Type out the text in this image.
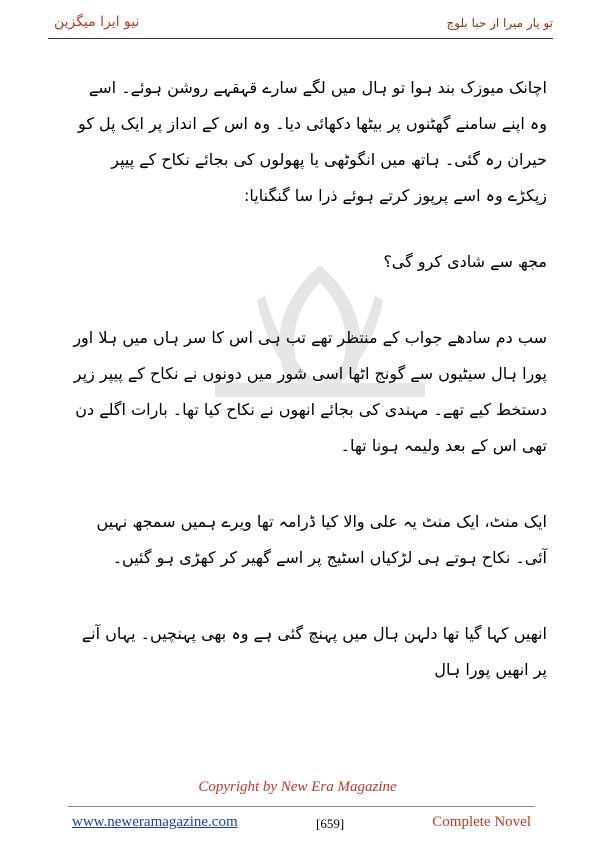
نیو ایرا میگزین	تو یار میرا از حبا بلوچ

اچانک میوزک بند ہوا تو ہال میں لگے سارے قہقہے روشن ہوئے۔ اسے وہ اپنے سامنے گھٹنوں پر بیٹھا دکھائی دیا۔ وہ اس کے انداز پر ایک پل کو حیران رہ گئی۔ ہاتھ میں انگوٹھی یا پھولوں کی بجائے نکاح کے پیپر زپکڑے وہ اسے پرپوز کرتے ہوئے ذرا سا گنگنایا:

مجھ سے شادی کرو گی؟

سب دم سادھے جواب کے منتظر تھے تب ہی اس کا سر ہاں میں ہلا اور پورا ہال سیٹیوں سے گونج اٹھا اسی شور میں دونوں نے نکاح کے پیپر زپر دستخط کیے تھے۔ مہندی کی بجائے انھوں نے نکاح کیا تھا۔ بارات اگلے دن تھی اس کے بعد ولیمہ ہونا تھا۔

ایک منٹ، ایک منٹ یہ علی والا کیا ڈرامہ تھا ویرے ہمیں سمجھ نہیں آئی۔ نکاح ہوتے ہی لڑکیاں اسٹیج پر اسے گھیر کر کھڑی ہو گئیں۔

انھیں کہا گیا تھا دلہن ہال میں پہنچ گئی ہے وہ بھی پہنچیں۔ یہاں آنے پر انھیں پورا ہال

Copyright by New Era Magazine
www.neweramagazine.com	[659]	Complete Novel
